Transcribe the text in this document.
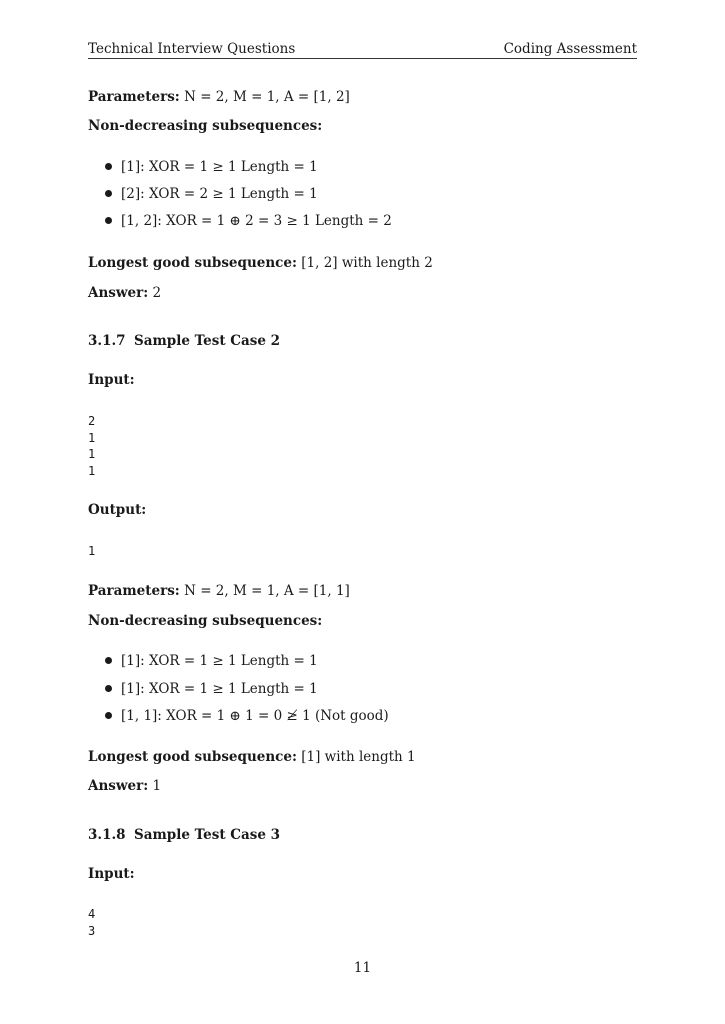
Technical Interview Questions	Coding Assessment
Parameters: N = 2, M = 1, A = [1, 2]
Non-decreasing subsequences:
[1]: XOR = 1 ≥ 1 Length = 1
[2]: XOR = 2 ≥ 1 Length = 1
[1, 2]: XOR = 1 ⊕ 2 = 3 ≥ 1 Length = 2
Longest good subsequence: [1, 2] with length 2
Answer: 2
3.1.7 Sample Test Case 2
Input:
2
1
1
1
Output:
1
Parameters: N = 2, M = 1, A = [1, 1]
Non-decreasing subsequences:
[1]: XOR = 1 ≥ 1 Length = 1
[1]: XOR = 1 ≥ 1 Length = 1
[1, 1]: XOR = 1 ⊕ 1 = 0 ≱ 1 (Not good)
Longest good subsequence: [1] with length 1
Answer: 1
3.1.8 Sample Test Case 3
Input:
4
3
11
